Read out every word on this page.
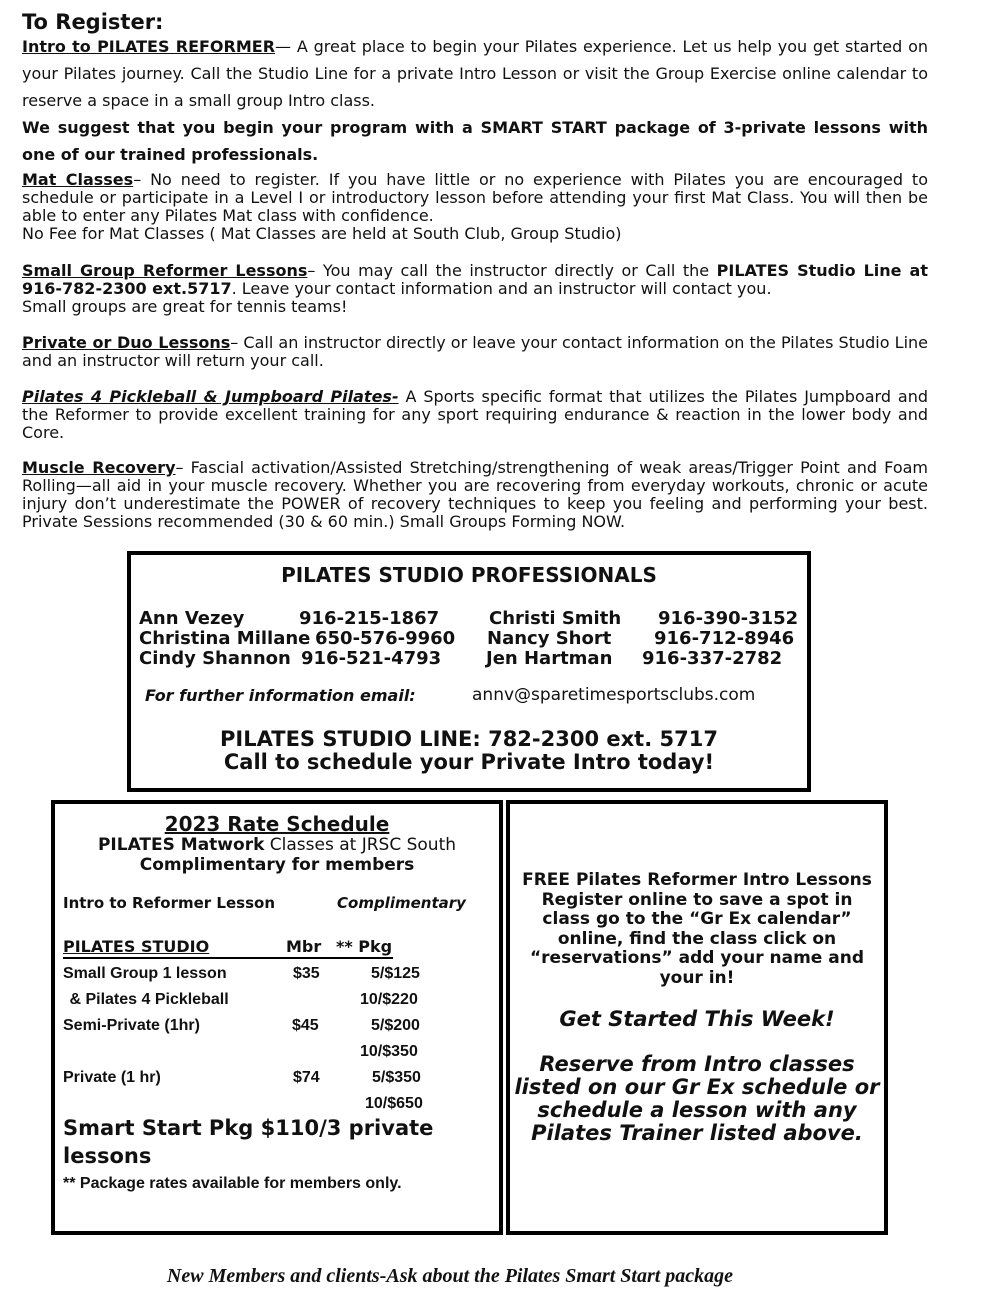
To Register:

Intro to PILATES REFORMER— A great place to begin your Pilates experience. Let us help you get started on your Pilates journey. Call the Studio Line for a private Intro Lesson or visit the Group Exercise online calendar to reserve a space in a small group Intro class.

We suggest that you begin your program with a SMART START package of 3-private lessons with one of our trained professionals.

Mat Classes– No need to register. If you have little or no experience with Pilates you are encouraged to schedule or participate in a Level I or introductory lesson before attending your first Mat Class. You will then be able to enter any Pilates Mat class with confidence.

No Fee for Mat Classes ( Mat Classes are held at South Club, Group Studio)

Small Group Reformer Lessons– You may call the instructor directly or Call the PILATES Studio Line at 916-782-2300 ext.5717. Leave your contact information and an instructor will contact you.

Small groups are great for tennis teams!

Private or Duo Lessons– Call an instructor directly or leave your contact information on the Pilates Studio Line and an instructor will return your call.

Pilates 4 Pickleball & Jumpboard Pilates- A Sports specific format that utilizes the Pilates Jumpboard and the Reformer to provide excellent training for any sport requiring endurance & reaction in the lower body and Core.

Muscle Recovery– Fascial activation/Assisted Stretching/strengthening of weak areas/Trigger Point and Foam Rolling—all aid in your muscle recovery. Whether you are recovering from everyday workouts, chronic or acute injury don’t underestimate the POWER of recovery techniques to keep you feeling and performing your best. Private Sessions recommended (30 & 60 min.) Small Groups Forming NOW.

PILATES STUDIO PROFESSIONALS
Ann Vezey	916-215-1867
Christina Millane 650-576-9960
Cindy Shannon 916-521-4793
Christi Smith 916-390-3152
Nancy Short 916-712-8946
Jen Hartman 916-337-2782
For further information email:	annv@sparetimesportsclubs.com
PILATES STUDIO LINE: 782-2300 ext. 5717
Call to schedule your Private Intro today!
2023 Rate Schedule
PILATES Matwork Classes at JRSC South
Complimentary for members
Intro to Reformer Lesson	Complimentary
PILATES STUDIO	Mbr ** Pkg
Small Group 1 lesson	$35	5/$125
& Pilates 4 Pickleball	10/$220
Semi-Private (1hr)	$45	5/$200
10/$350
Private (1 hr)	$74	5/$350
10/$650
Smart Start Pkg $110/3 private
lessons
** Package rates available for members only.
FREE Pilates Reformer Intro Lessons
Register online to save a spot in
class go to the “Gr Ex calendar”
online, find the class click on
“reservations” add your name and
your in!
Get Started This Week!
Reserve from Intro classes
listed on our Gr Ex schedule or
schedule a lesson with any
Pilates Trainer listed above.
New Members and clients-Ask about the Pilates Smart Start package
